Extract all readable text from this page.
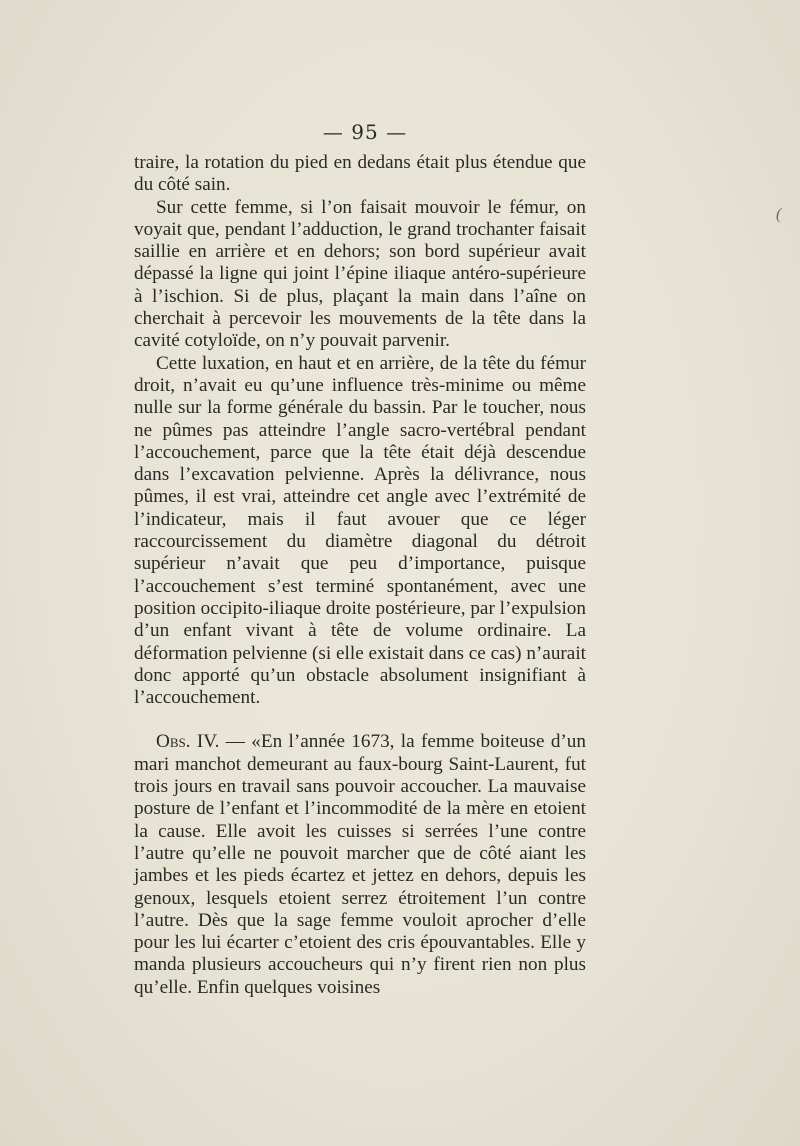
— 95 —

traire, la rotation du pied en dedans était plus étendue que du côté sain.

Sur cette femme, si l’on faisait mouvoir le fémur, on voyait que, pendant l’adduction, le grand trochanter faisait saillie en arrière et en dehors; son bord supérieur avait dépassé la ligne qui joint l’épine iliaque antéro-supérieure à l’ischion. Si de plus, plaçant la main dans l’aîne on cherchait à percevoir les mouvements de la tête dans la cavité cotyloïde, on n’y pouvait parvenir.

Cette luxation, en haut et en arrière, de la tête du fémur droit, n’avait eu qu’une influence très-minime ou même nulle sur la forme générale du bassin. Par le toucher, nous ne pûmes pas atteindre l’angle sacro-vertébral pendant l’accouchement, parce que la tête était déjà descendue dans l’excavation pelvienne. Après la délivrance, nous pûmes, il est vrai, atteindre cet angle avec l’extrémité de l’indicateur, mais il faut avouer que ce léger raccourcissement du diamètre diagonal du détroit supérieur n’avait que peu d’importance, puisque l’accouchement s’est terminé spontanément, avec une position occipito-iliaque droite postérieure, par l’expulsion d’un enfant vivant à tête de volume ordinaire. La déformation pelvienne (si elle existait dans ce cas) n’aurait donc apporté qu’un obstacle absolument insignifiant à l’accouchement.

Obs. IV. — «En l’année 1673, la femme boiteuse d’un mari manchot demeurant au faux-bourg Saint-Laurent, fut trois jours en travail sans pouvoir accoucher. La mauvaise posture de l’enfant et l’incommodité de la mère en etoient la cause. Elle avoit les cuisses si serrées l’une contre l’autre qu’elle ne pouvoit marcher que de côté aiant les jambes et les pieds écartez et jettez en dehors, depuis les genoux, lesquels etoient serrez étroitement l’un contre l’autre. Dès que la sage femme vouloit aprocher d’elle pour les lui écarter c’etoient des cris épouvantables. Elle y manda plusieurs accoucheurs qui n’y firent rien non plus qu’elle. Enfin quelques voisines

(
